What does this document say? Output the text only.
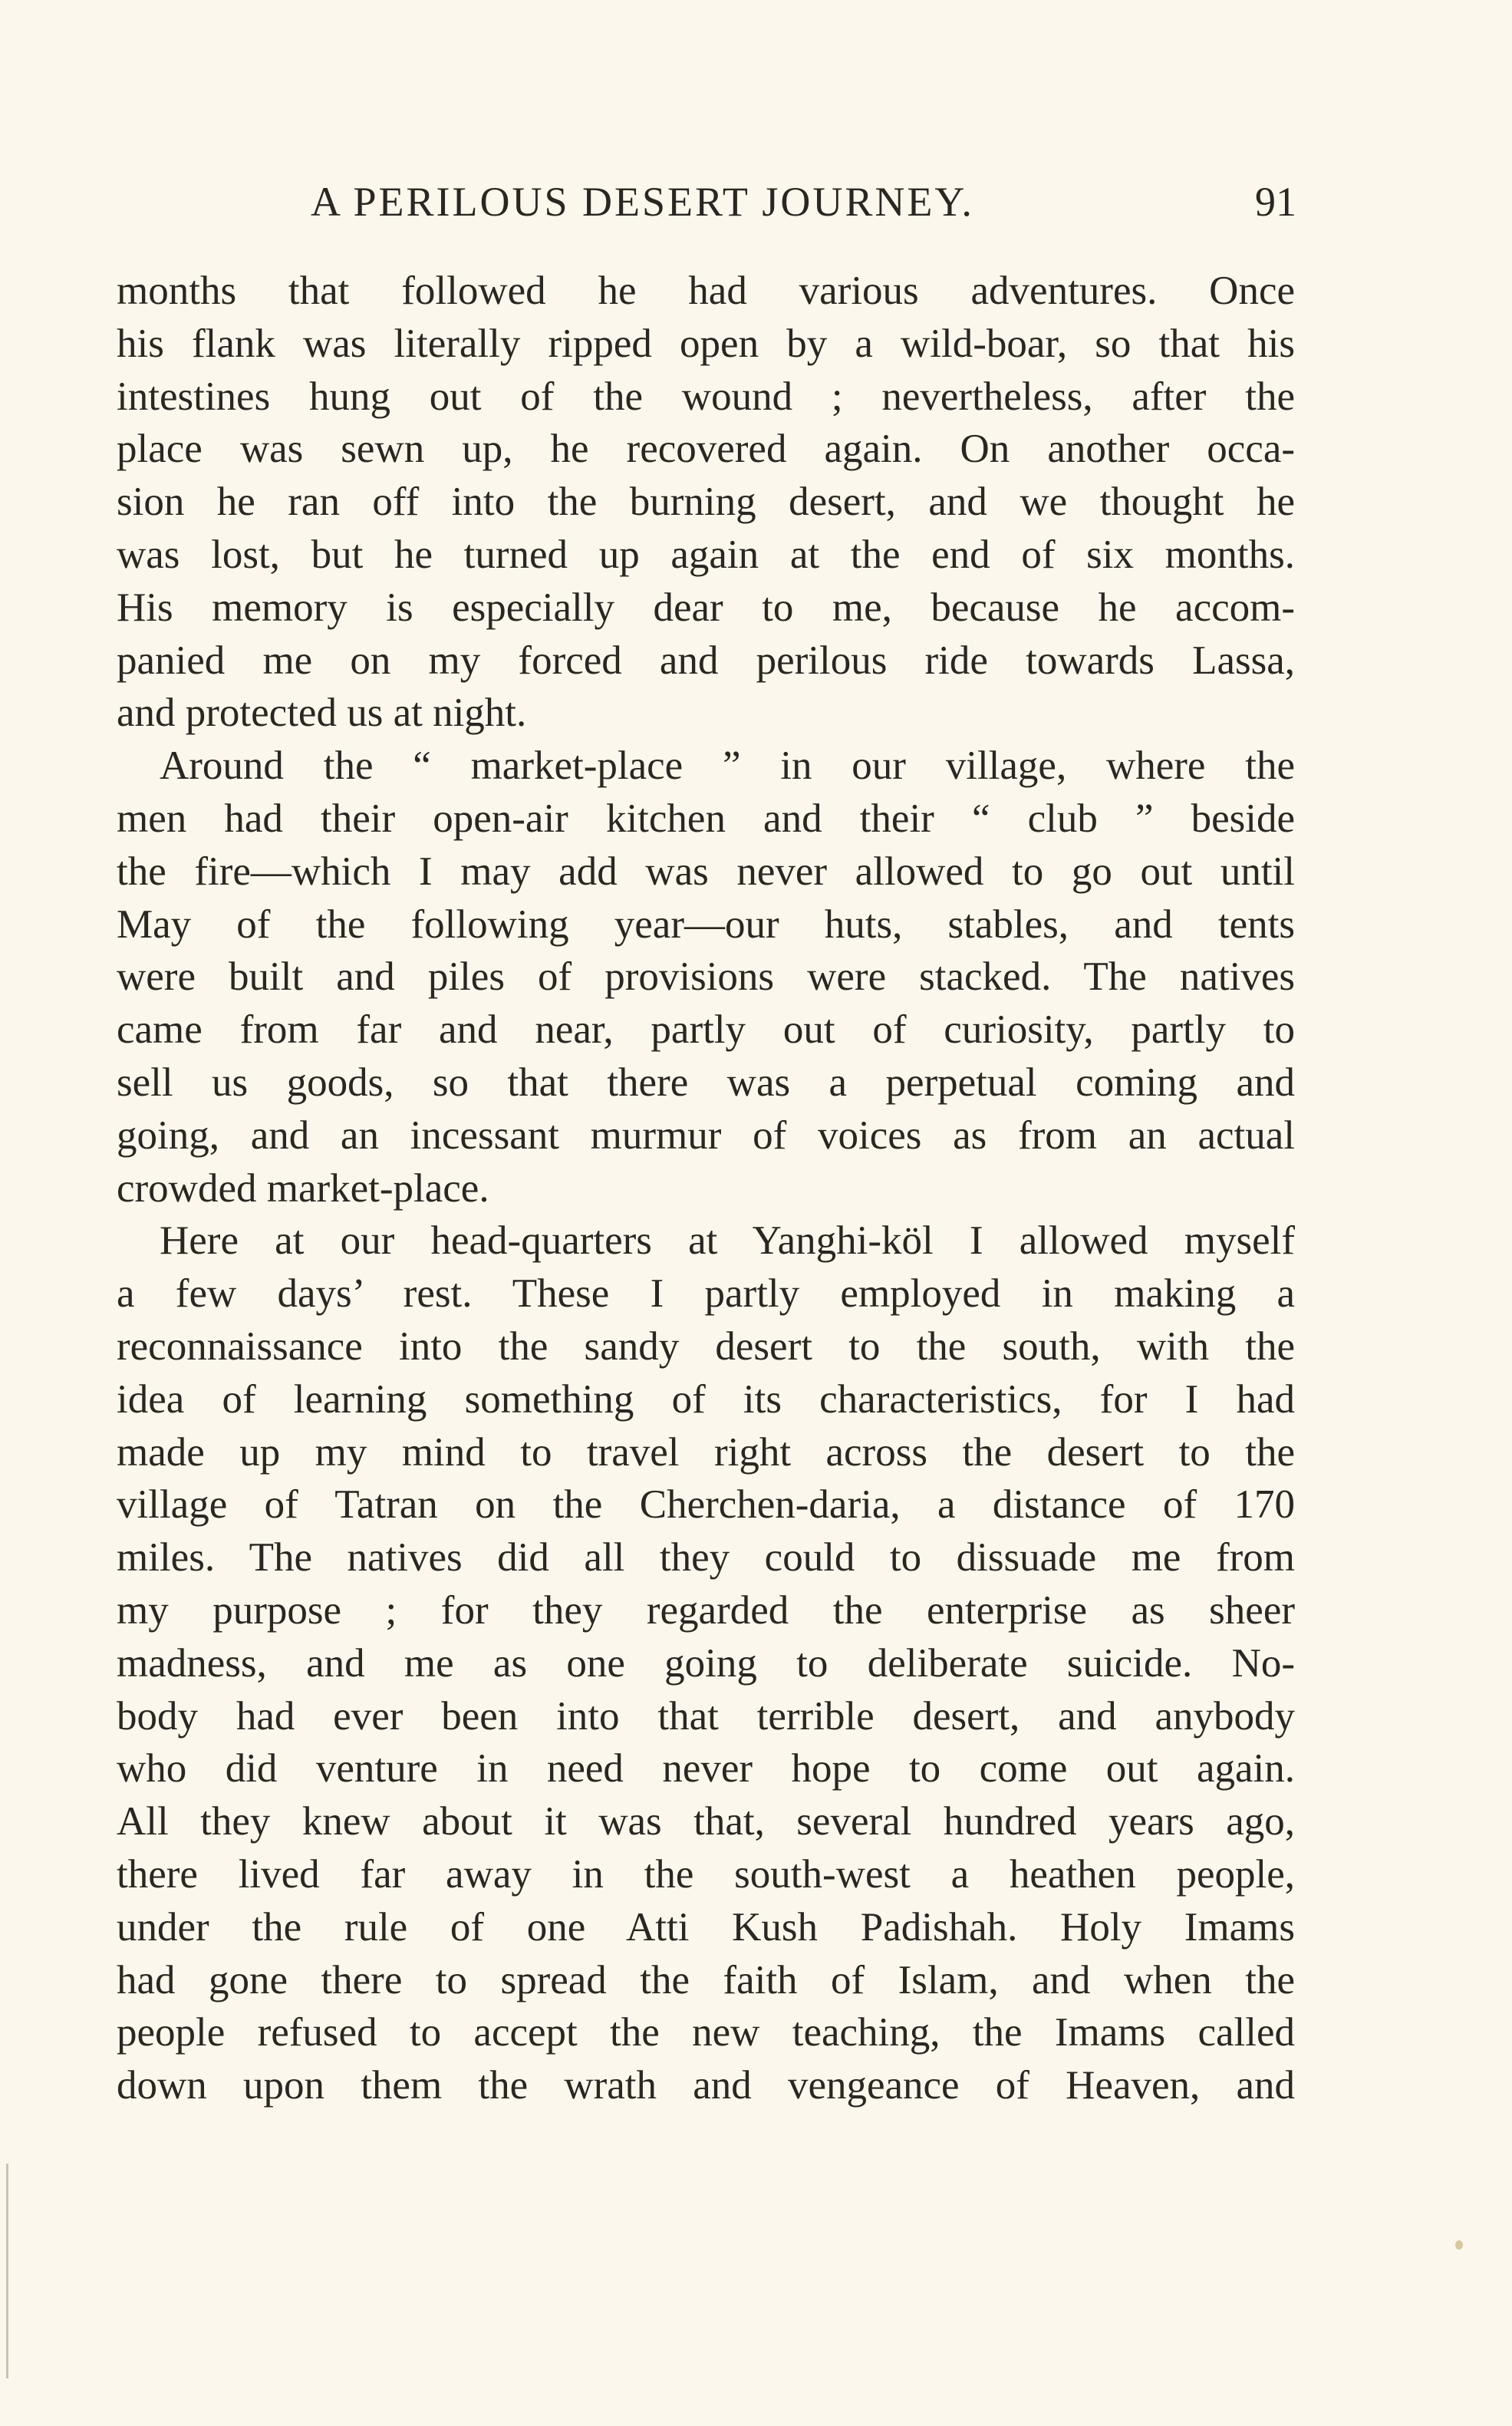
A PERILOUS DESERT JOURNEY.	91
months that followed he had various adventures. Once
his flank was literally ripped open by a wild-boar, so that his
intestines hung out of the wound ; nevertheless, after the
place was sewn up, he recovered again. On another occa-
sion he ran off into the burning desert, and we thought he
was lost, but he turned up again at the end of six months.
His memory is especially dear to me, because he accom-
panied me on my forced and perilous ride towards Lassa,
and protected us at night.
Around the “ market-place ” in our village, where the
men had their open-air kitchen and their “ club ” beside
the fire—which I may add was never allowed to go out until
May of the following year—our huts, stables, and tents
were built and piles of provisions were stacked. The natives
came from far and near, partly out of curiosity, partly to
sell us goods, so that there was a perpetual coming and
going, and an incessant murmur of voices as from an actual
crowded market-place.
Here at our head-quarters at Yanghi-köl I allowed myself
a few days’ rest. These I partly employed in making a
reconnaissance into the sandy desert to the south, with the
idea of learning something of its characteristics, for I had
made up my mind to travel right across the desert to the
village of Tatran on the Cherchen-daria, a distance of 170
miles. The natives did all they could to dissuade me from
my purpose ; for they regarded the enterprise as sheer
madness, and me as one going to deliberate suicide. No-
body had ever been into that terrible desert, and anybody
who did venture in need never hope to come out again.
All they knew about it was that, several hundred years ago,
there lived far away in the south-west a heathen people,
under the rule of one Atti Kush Padishah. Holy Imams
had gone there to spread the faith of Islam, and when the
people refused to accept the new teaching, the Imams called
down upon them the wrath and vengeance of Heaven, and
